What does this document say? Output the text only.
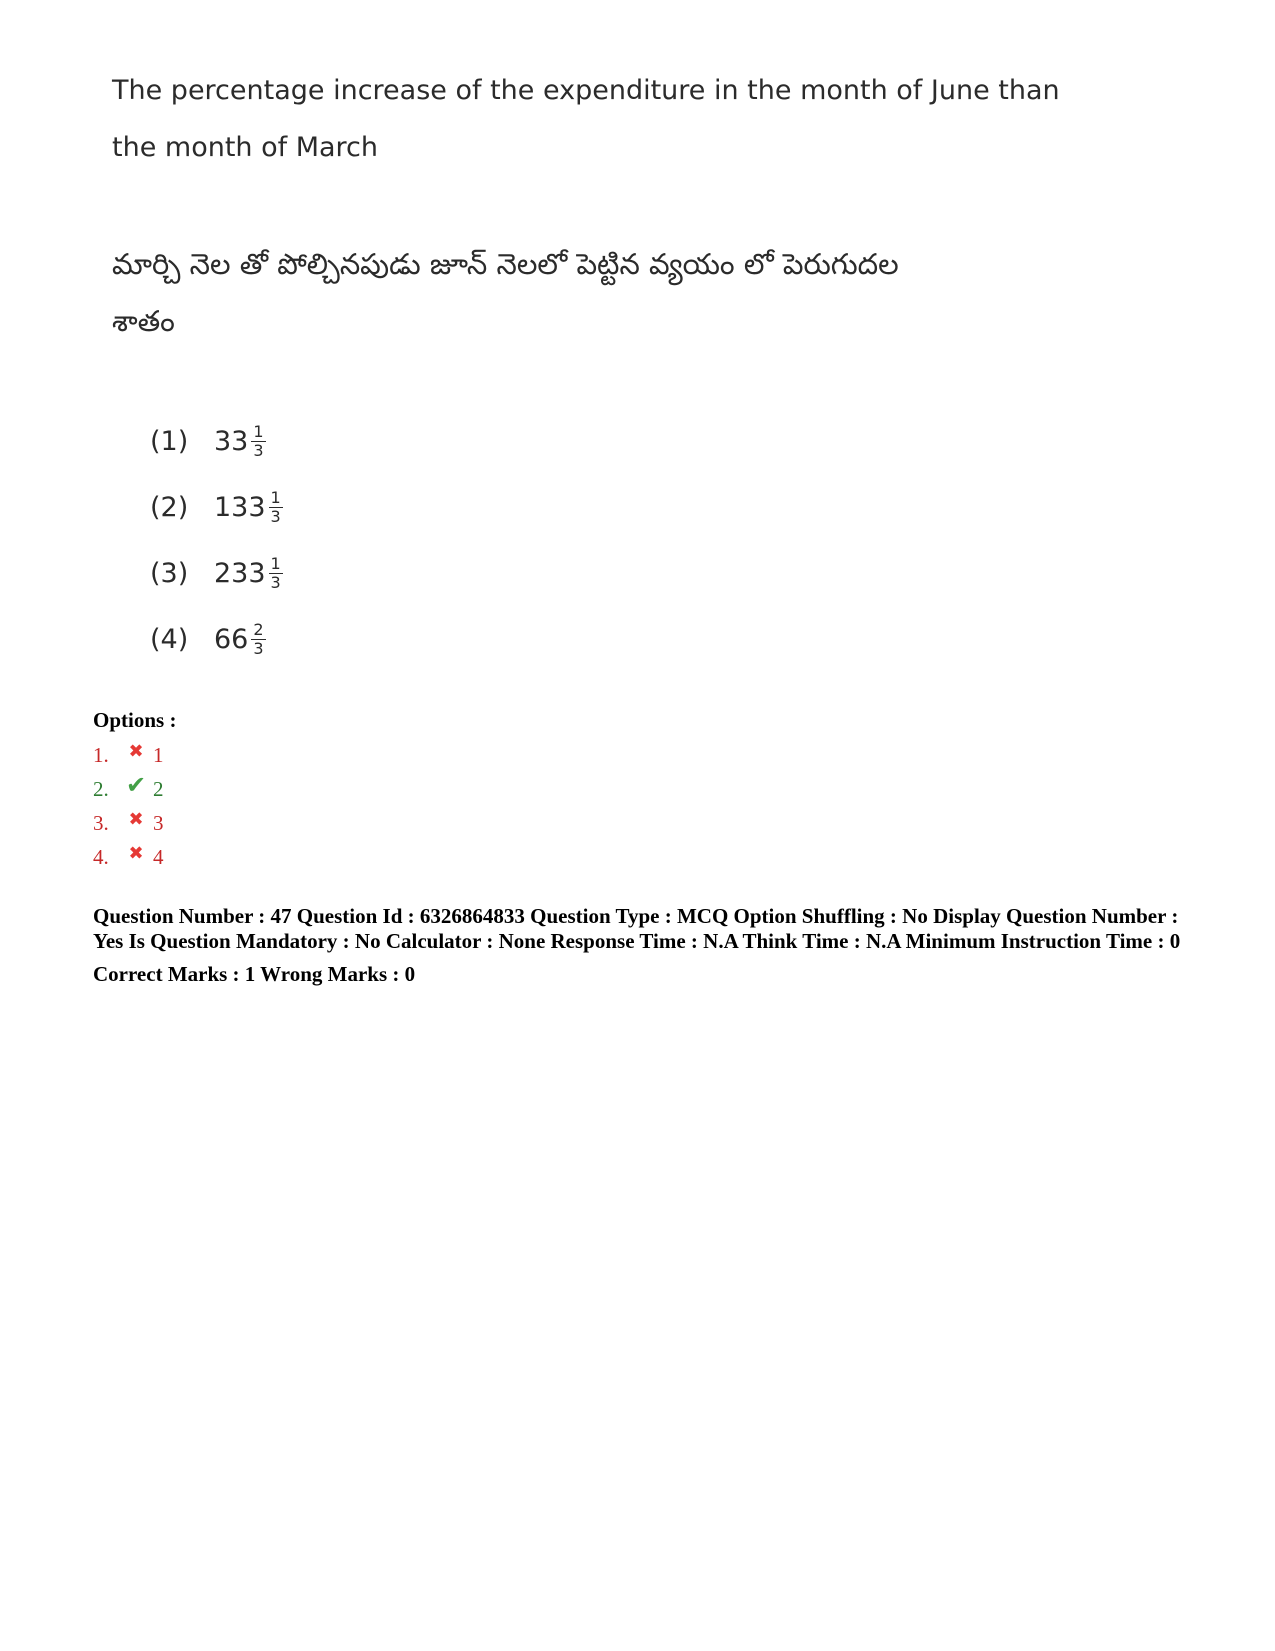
The percentage increase of the expenditure in the month of June than
the month of March
మార్చి నెల తో పోల్చినపుడు జూన్ నెలలో పెట్టిన వ్యయం లో పెరుగుదల
శాతం
(1) $33 \frac{1}{3}$
(2) $133 \frac{1}{3}$
(3) $233 \frac{1}{3}$
(4) $66 \frac{2}{3}$
Options :
1.	✖ 1
2. ✔ 2
3.	✖ 3
4.	✖ 4
Question Number : 47 Question Id : 6326864833 Question Type : MCQ Option Shuffling : No Display Question Number : Yes Is Question Mandatory : No Calculator : None Response Time : N.A Think Time : N.A Minimum Instruction Time : 0
Correct Marks : 1 Wrong Marks : 0
